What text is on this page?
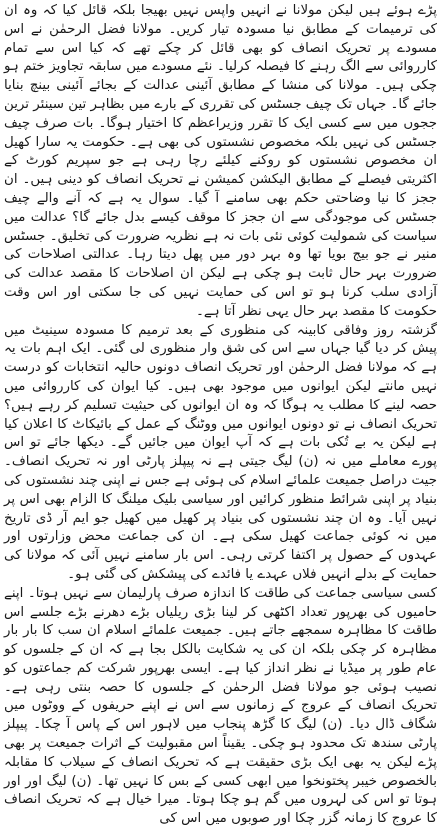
پڑے ہوئے ہیں لیکن مولانا نے انہیں واپس نہیں بھیجا بلکہ قائل کیا کہ وہ ان کی ترمیمات کے مطابق نیا مسودہ تیار کریں۔ مولانا فضل الرحمٰن نے اس مسودے پر تحریک انصاف کو بھی قائل کر چکے تھے کہ کیا اس سے تمام کارروائی سے الگ رہنے کا فیصلہ کرلیا۔ نئے مسودے میں سابقہ تجاویز ختم ہو چکی ہیں۔ مولانا کی منشا کے مطابق آئینی عدالت کے بجائے آئینی بینچ بنایا جائے گا۔ جہاں تک چیف جسٹس کی تقرری کے بارے میں بظاہر تین سینئر ترین ججوں میں سے کسی ایک کا تقرر وزیراعظم کا اختیار ہوگا۔ بات صرف چیف جسٹس کی نہیں بلکہ مخصوص نشستوں کی بھی ہے۔ حکومت یہ سارا کھیل ان مخصوص نشستوں کو روکنے کیلئے رچا رہی ہے جو سپریم کورٹ کے اکثریتی فیصلے کے مطابق الیکشن کمیشن نے تحریک انصاف کو دینی ہیں۔ ان ججز کا نیا وضاحتی حکم بھی سامنے آ گیا۔ سوال یہ ہے کہ آنے والے چیف جسٹس کی موجودگی سے ان ججز کا موقف کیسے بدل جائے گا؟ عدالت میں سیاست کی شمولیت کوئی نئی بات نہ ہے نظریہ ضرورت کی تخلیق۔ جسٹس منیر نے جو بیج بویا تھا وہ بہر دور میں پھل دیتا رہا۔ عدالتی اصلاحات کی ضرورت بہر حال ثابت ہو چکی ہے لیکن ان اصلاحات کا مقصد عدالت کی آزادی سلب کرنا ہو تو اس کی حمایت نہیں کی جا سکتی اور اس وقت حکومت کا مقصد بہر حال یہی نظر آتا ہے۔

گزشتہ روز وفاقی کابینہ کی منظوری کے بعد ترمیم کا مسودہ سینیٹ میں پیش کر دیا گیا جہاں سے اس کی شق وار منظوری لی گئی۔ ایک اہم بات یہ ہے کہ مولانا فضل الرحمٰن اور تحریک انصاف دونوں حالیہ انتخابات کو درست نہیں مانتے لیکن ایوانوں میں موجود بھی ہیں۔ کیا ایوان کی کارروائی میں حصہ لینے کا مطلب یہ ہوگا کہ وہ ان ایوانوں کی حیثیت تسلیم کر رہے ہیں؟ تحریک انصاف نے تو دونوں ایوانوں میں ووٹنگ کے عمل کے بائیکاٹ کا اعلان کیا ہے لیکن یہ بے تُکی بات ہے کہ آپ ایوان میں جائیں گے۔ دیکھا جائے تو اس پورے معاملے میں نہ (ن) لیگ جیتی ہے نہ پیپلز پارٹی اور نہ تحریک انصاف۔ جیت دراصل جمیعت علمائے اسلام کی ہوئی ہے جس نے اپنی چند نشستوں کی بنیاد پر اپنی شرائط منظور کرائیں اور سیاسی بلیک میلنگ کا الزام بھی اس پر نہیں آیا۔ وہ ان چند نشستوں کی بنیاد پر کھیل میں کھیل جو ایم آر ڈی تاریخ میں نہ کوئی جماعت کھیل سکی ہے۔ ان کی جماعت محض وزارتوں اور عہدوں کے حصول پر اکتفا کرتی رہی۔ اس بار سامنے نہیں آئی کہ مولانا کی حمایت کے بدلے انہیں فلاں عہدے یا فائدے کی پیشکش کی گئی ہو۔

کسی سیاسی جماعت کی طاقت کا اندازہ صرف پارلیمان سے نہیں ہوتا۔ اپنے حامیوں کی بھرپور تعداد اکٹھی کر لینا بڑی ریلیاں بڑے دھرنے بڑے جلسے اس طاقت کا مظاہرہ سمجھے جاتے ہیں۔ جمیعت علمائے اسلام ان سب کا بار بار مظاہرہ کر چکی بلکہ ان کی یہ شکایت بالکل بجا ہے کہ ان کے جلسوں کو عام طور پر میڈیا نے نظر انداز کیا ہے۔ ایسی بھرپور شرکت کم جماعتوں کو نصیب ہوئی جو مولانا فضل الرحمٰن کے جلسوں کا حصہ بنتی رہی ہے۔ تحریک انصاف کے عروج کے زمانوں سے اس نے اپنے حریفوں کے ووٹوں میں شگاف ڈال دیا۔ (ن) لیگ کا گڑھ پنجاب میں لاہور اس کے پاس آ چکا۔ پیپلز پارٹی سندھ تک محدود ہو چکی۔ یقیناً اس مقبولیت کے اثرات جمیعت پر بھی پڑے لیکن یہ بھی ایک بڑی حقیقت ہے کہ تحریک انصاف کے سیلاب کا مقابلہ بالخصوص خیبر پختونخوا میں ابھی کسی کے بس کا نہیں تھا۔ (ن) لیگ اور اور ہوتا تو اس کی لہروں میں گم ہو چکا ہوتا۔ میرا خیال ہے کہ تحریک انصاف کا عروج کا زمانہ گزر چکا اور صوبوں میں اس کی
